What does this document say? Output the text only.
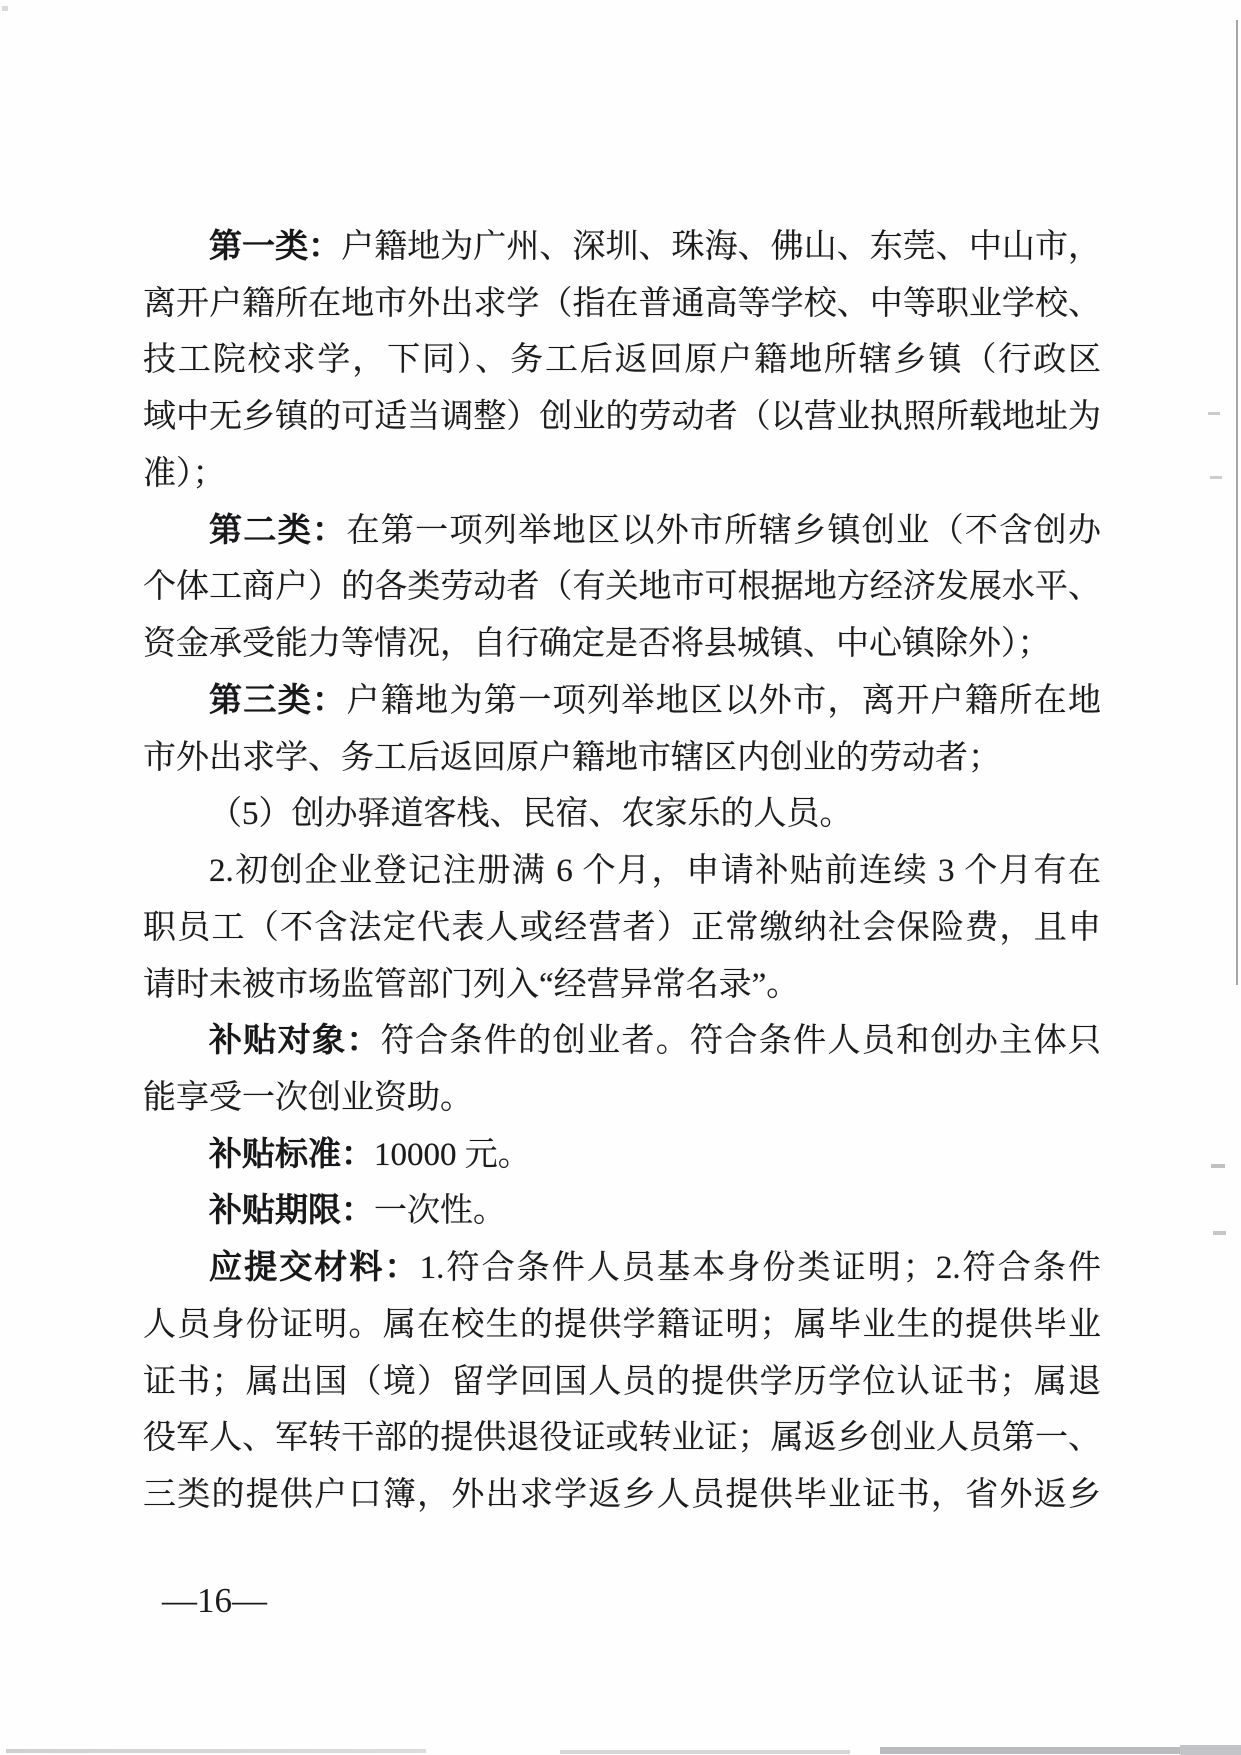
第一类：户籍地为广州、深圳、珠海、佛山、东莞、中山市，
离开户籍所在地市外出求学（指在普通高等学校、中等职业学校、
技工院校求学，下同）、务工后返回原户籍地所辖乡镇（行政区
域中无乡镇的可适当调整）创业的劳动者（以营业执照所载地址为
准）；
第二类：在第一项列举地区以外市所辖乡镇创业（不含创办
个体工商户）的各类劳动者（有关地市可根据地方经济发展水平、
资金承受能力等情况，自行确定是否将县城镇、中心镇除外）；
第三类：户籍地为第一项列举地区以外市，离开户籍所在地
市外出求学、务工后返回原户籍地市辖区内创业的劳动者；
（5）创办驿道客栈、民宿、农家乐的人员。
2.初创企业登记注册满 6 个月，申请补贴前连续 3 个月有在
职员工（不含法定代表人或经营者）正常缴纳社会保险费，且申
请时未被市场监管部门列入“经营异常名录”。
补贴对象：符合条件的创业者。符合条件人员和创办主体只
能享受一次创业资助。
补贴标准：10000 元。
补贴期限：一次性。
应提交材料：1.符合条件人员基本身份类证明；2.符合条件
人员身份证明。属在校生的提供学籍证明；属毕业生的提供毕业
证书；属出国（境）留学回国人员的提供学历学位认证书；属退
役军人、军转干部的提供退役证或转业证；属返乡创业人员第一、
三类的提供户口簿，外出求学返乡人员提供毕业证书，省外返乡
—16—
